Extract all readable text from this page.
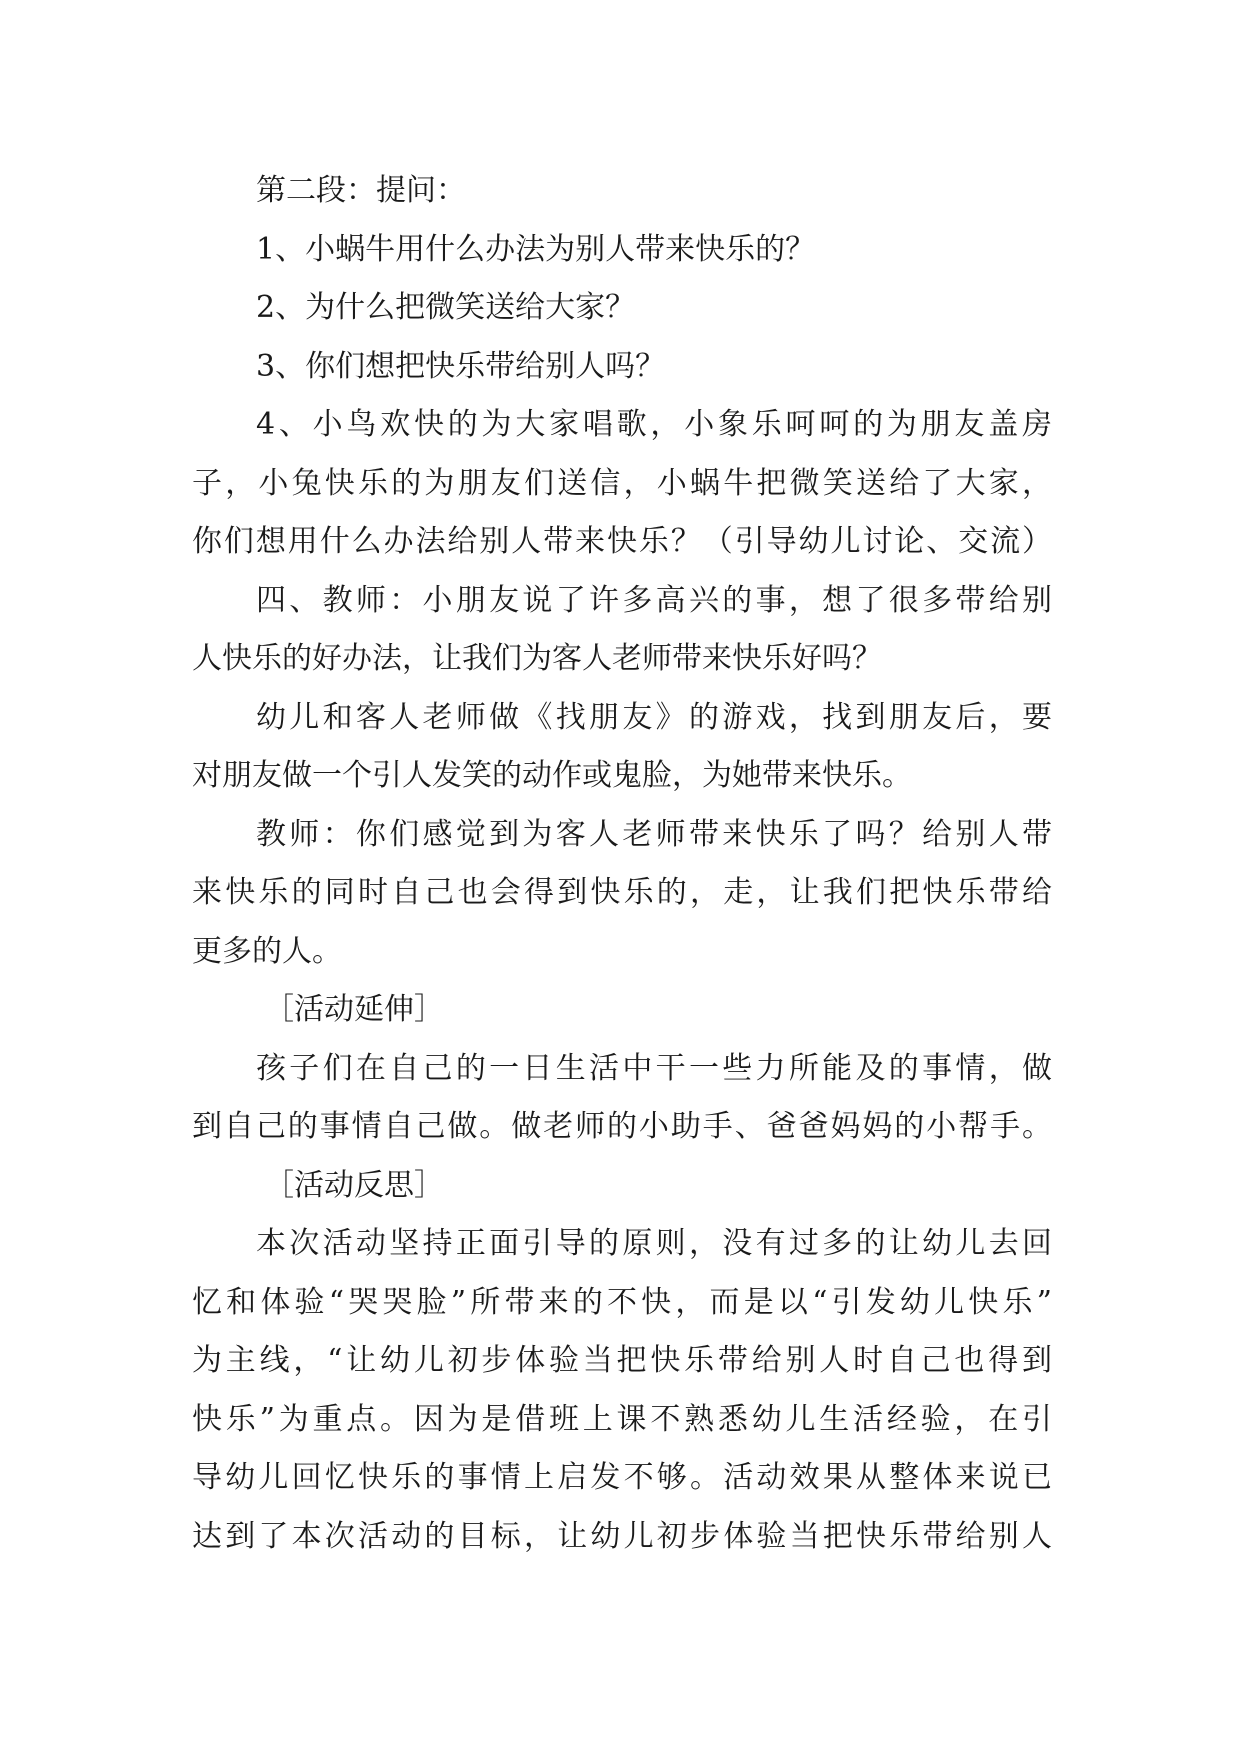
第二段：提问：
1、小蜗牛用什么办法为别人带来快乐的？
2、为什么把微笑送给大家？
3、你们想把快乐带给别人吗？
4、小鸟欢快的为大家唱歌，小象乐呵呵的为朋友盖房
子，小兔快乐的为朋友们送信，小蜗牛把微笑送给了大家，
你们想用什么办法给别人带来快乐？（引导幼儿讨论、交流）
四、教师：小朋友说了许多高兴的事，想了很多带给别
人快乐的好办法，让我们为客人老师带来快乐好吗？
幼儿和客人老师做《找朋友》的游戏，找到朋友后，要
对朋友做一个引人发笑的动作或鬼脸，为她带来快乐。
教师：你们感觉到为客人老师带来快乐了吗？给别人带
来快乐的同时自己也会得到快乐的，走，让我们把快乐带给
更多的人。
［活动延伸］
孩子们在自己的一日生活中干一些力所能及的事情，做
到自己的事情自己做。做老师的小助手、爸爸妈妈的小帮手。
［活动反思］
本次活动坚持正面引导的原则，没有过多的让幼儿去回
忆和体验“哭哭脸”所带来的不快，而是以“引发幼儿快乐”
为主线，“让幼儿初步体验当把快乐带给别人时自己也得到
快乐”为重点。因为是借班上课不熟悉幼儿生活经验，在引
导幼儿回忆快乐的事情上启发不够。活动效果从整体来说已
达到了本次活动的目标，让幼儿初步体验当把快乐带给别人
